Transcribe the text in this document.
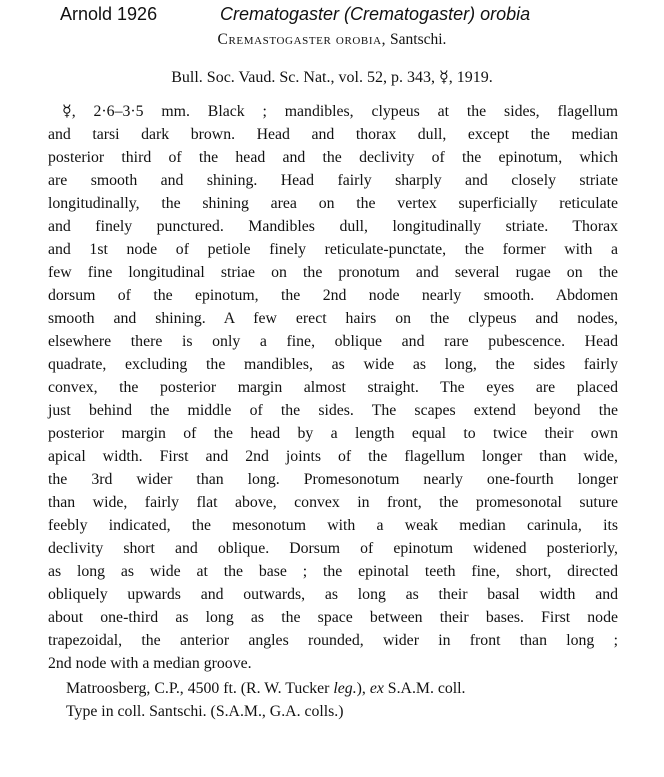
Arnold 1926	Crematogaster (Crematogaster) orobia
Cremastogaster orobia, Santschi.
Bull. Soc. Vaud. Sc. Nat., vol. 52, p. 343, ☿, 1919.
☿, 2·6–3·5 mm. Black ; mandibles, clypeus at the sides, flagellum
and tarsi dark brown. Head and thorax dull, except the median
posterior third of the head and the declivity of the epinotum, which
are smooth and shining. Head fairly sharply and closely striate
longitudinally, the shining area on the vertex superficially reticulate
and finely punctured. Mandibles dull, longitudinally striate. Thorax
and 1st node of petiole finely reticulate-punctate, the former with a
few fine longitudinal striae on the pronotum and several rugae on the
dorsum of the epinotum, the 2nd node nearly smooth. Abdomen
smooth and shining. A few erect hairs on the clypeus and nodes,
elsewhere there is only a fine, oblique and rare pubescence. Head
quadrate, excluding the mandibles, as wide as long, the sides fairly
convex, the posterior margin almost straight. The eyes are placed
just behind the middle of the sides. The scapes extend beyond the
posterior margin of the head by a length equal to twice their own
apical width. First and 2nd joints of the flagellum longer than wide,
the 3rd wider than long. Promesonotum nearly one-fourth longer
than wide, fairly flat above, convex in front, the promesonotal suture
feebly indicated, the mesonotum with a weak median carinula, its
declivity short and oblique. Dorsum of epinotum widened posteriorly,
as long as wide at the base ; the epinotal teeth fine, short, directed
obliquely upwards and outwards, as long as their basal width and
about one-third as long as the space between their bases. First node
trapezoidal, the anterior angles rounded, wider in front than long ;
2nd node with a median groove.
Matroosberg, C.P., 4500 ft. (R. W. Tucker leg.), ex S.A.M. coll.
Type in coll. Santschi. (S.A.M., G.A. colls.)
